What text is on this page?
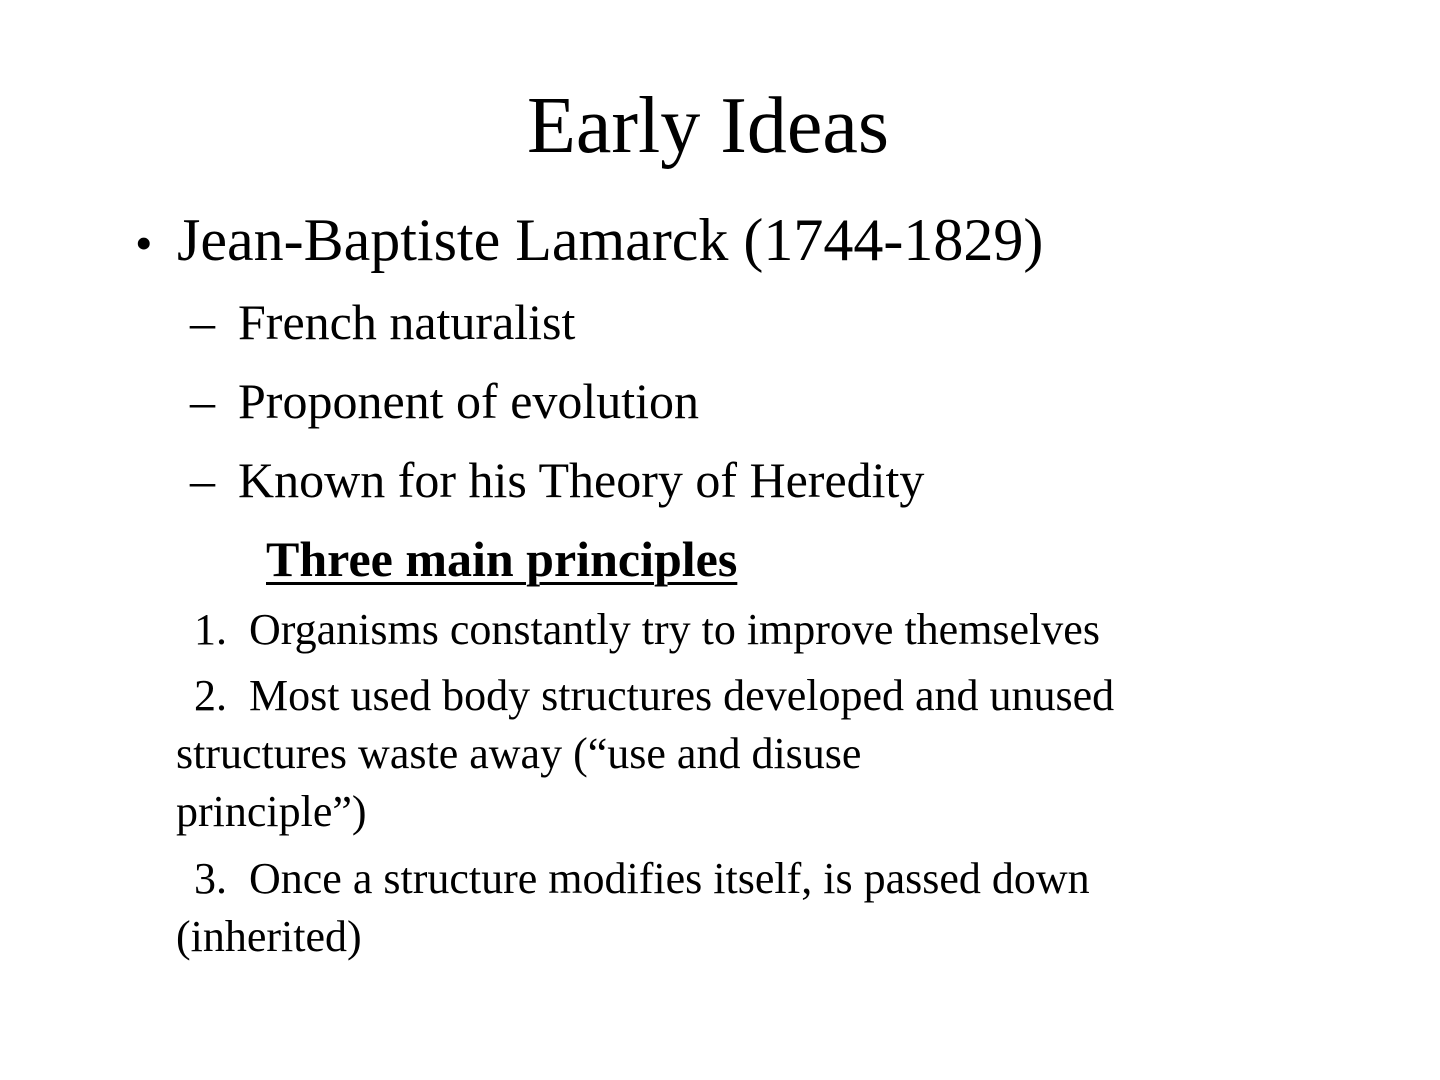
Early Ideas
• Jean-Baptiste Lamarck (1744-1829)
– French naturalist
– Proponent of evolution
– Known for his Theory of Heredity
Three main principles
1. Organisms constantly try to improve themselves
2. Most used body structures developed and unused
structures waste away (“use and disuse
principle”)
3. Once a structure modifies itself, is passed down
(inherited)
